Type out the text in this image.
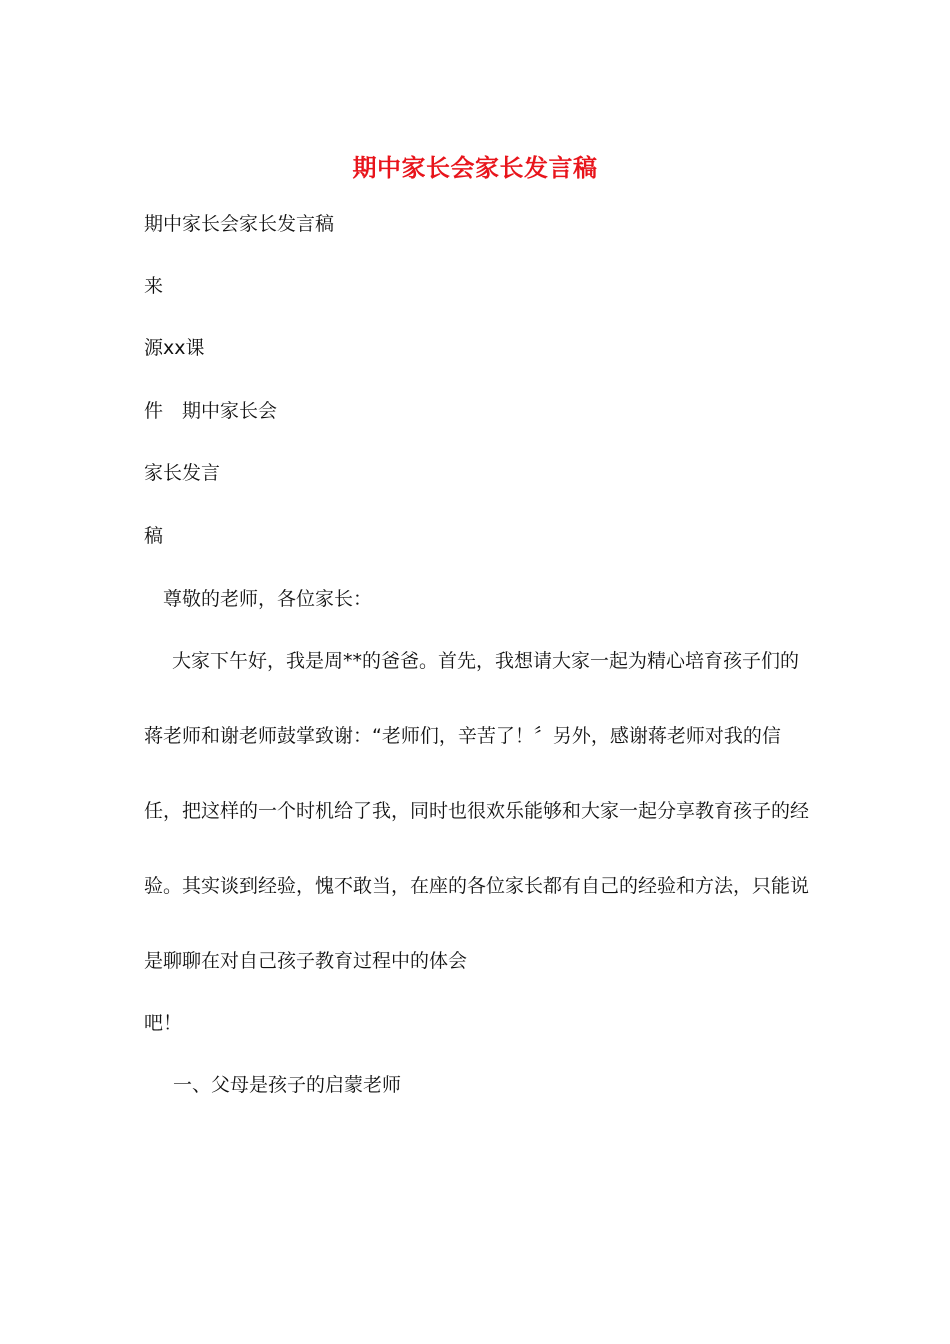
期中家长会家长发言稿
期中家长会家长发言稿
来
源xx课
件　期中家长会
家长发言
稿
尊敬的老师，各位家长：
大家下午好，我是周**的爸爸。首先，我想请大家一起为精心培育孩子们的蒋老师和谢老师鼓掌致谢：“老师们，辛苦了！〞另外，感谢蒋老师对我的信任，把这样的一个时机给了我，同时也很欢乐能够和大家一起分享教育孩子的经验。其实谈到经验，愧不敢当，在座的各位家长都有自己的经验和方法，只能说是聊聊在对自己孩子教育过程中的体会
吧！
一、父母是孩子的启蒙老师
